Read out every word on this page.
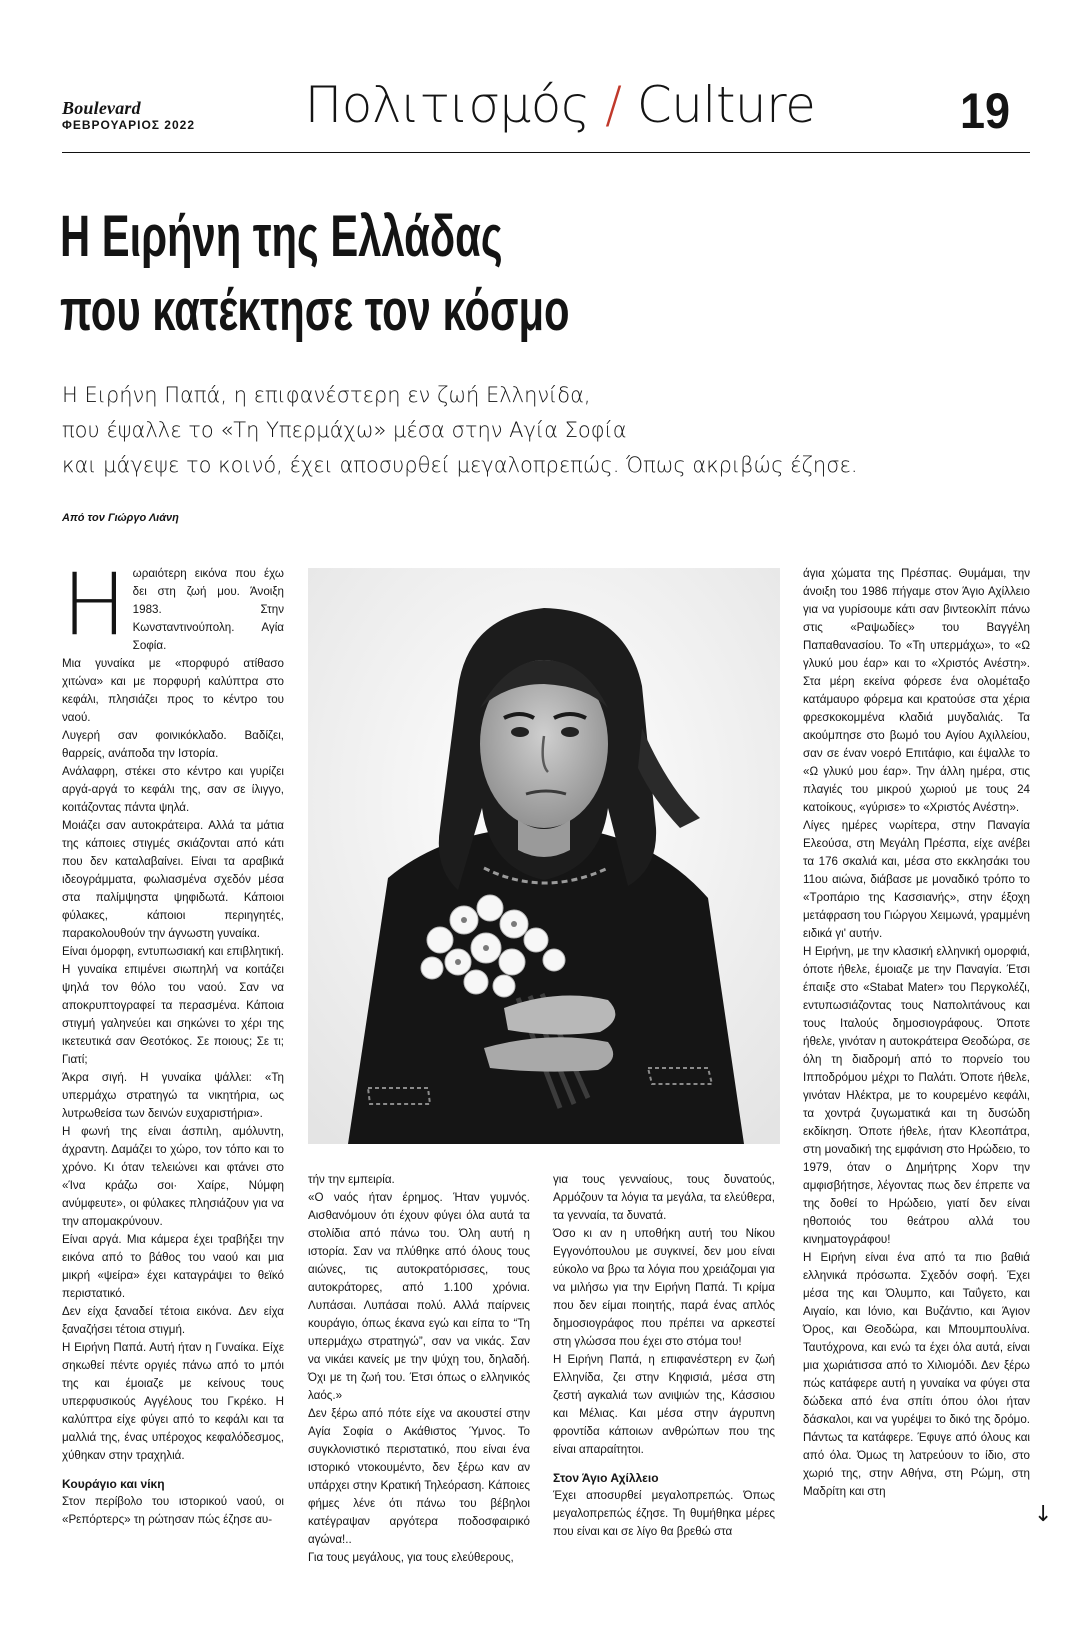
Boulevard
ΦΕΒΡΟΥΑΡΙΟΣ 2022 Πολιτισμός / Culture	19
Η Ειρήνη της Ελλάδας
που κατέκτησε τον κόσμο
Η Ειρήνη Παπά, η επιφανέστερη εν ζωή Ελληνίδα,
που έψαλλε το «Τη Υπερμάχω» μέσα στην Αγία Σοφία
και μάγεψε το κοινό, έχει αποσυρθεί μεγαλοπρεπώς. Όπως ακριβώς έζησε.
Από τον Γιώργο Λιάνη
Η ωραιότερη εικόνα που έχω δει στη ζωή μου. Άνοιξη 1983. Στην Κωνσταντινούπολη. Αγία Σοφία.

Μια γυναίκα με «πορφυρό ατίθασο χιτώνα» και με πορφυρή καλύπτρα στο κεφάλι, πλησιάζει προς το κέντρο του ναού.

Λυγερή σαν φοινικόκλαδο. Βαδίζει, θαρρείς, ανάποδα την Ιστορία.

Ανάλαφρη, στέκει στο κέντρο και γυρίζει αργά-αργά το κεφάλι της, σαν σε ίλιγγο, κοιτάζοντας πάντα ψηλά.

Μοιάζει σαν αυτοκράτειρα. Αλλά τα μάτια της κάποιες στιγμές σκιάζονται από κάτι που δεν καταλαβαίνει. Είναι τα αραβικά ιδεογράμματα, φωλιασμένα σχεδόν μέσα στα παλίμψηστα ψηφιδωτά. Κάποιοι φύλακες, κάποιοι περιηγητές, παρακολουθούν την άγνωστη γυναίκα.

Είναι όμορφη, εντυπωσιακή και επιβλητική. Η γυναίκα επιμένει σιωπηλή να κοιτάζει ψηλά τον θόλο του ναού. Σαν να αποκρυπτογραφεί τα περασμένα. Κάποια στιγμή γαληνεύει και σηκώνει το χέρι της ικετευτικά σαν Θεοτόκος. Σε ποιους; Σε τι; Γιατί;

Άκρα σιγή. Η γυναίκα ψάλλει: «Τη υπερμάχω στρατηγώ τα νικητήρια, ως λυτρωθείσα των δεινών ευχαριστήρια».

Η φωνή της είναι άσπιλη, αμόλυντη, άχραντη. Δαμάζει το χώρο, τον τόπο και το χρόνο. Κι όταν τελειώνει και φτάνει στο «Ίνα κράζω σοι· Χαίρε, Νύμφη ανύμφευτε», οι φύλακες πλησιάζουν για να την απομακρύνουν.

Είναι αργά. Μια κάμερα έχει τραβήξει την εικόνα από το βάθος του ναού και μια μικρή «ψείρα» έχει καταγράψει το θεϊκό περιστατικό.

Δεν είχα ξαναδεί τέτοια εικόνα. Δεν είχα ξαναζήσει τέτοια στιγμή.

Η Ειρήνη Παπά. Αυτή ήταν η Γυναίκα. Είχε σηκωθεί πέντε οργιές πάνω από το μπόι της και έμοιαζε με κείνους τους υπερφυσικούς Αγγέλους του Γκρέκο. Η καλύπτρα είχε φύγει από το κεφάλι και τα μαλλιά της, ένας υπέροχος κεφαλόδεσμος, χύθηκαν στην τραχηλιά.

Κουράγιο και νίκη

Στον περίβολο του ιστορικού ναού, οι «Ρεπόρτερς» τη ρώτησαν πώς έζησε αυ-

τήν την εμπειρία.

«Ο ναός ήταν έρημος. Ήταν γυμνός. Αισθανόμουν ότι έχουν φύγει όλα αυτά τα στολίδια από πάνω του. Όλη αυτή η ιστορία. Σαν να πλύθηκε από όλους τους αιώνες, τις αυτοκρατόρισσες, τους αυτοκράτορες, από 1.100 χρόνια. Λυπάσαι. Λυπάσαι πολύ. Αλλά παίρνεις κουράγιο, όπως έκανα εγώ και είπα το “Τη υπερμάχω στρατηγώ”, σαν να νικάς. Σαν να νικάει κανείς με την ψύχη του, δηλαδή. Όχι με τη ζωή του. Έτσι όπως ο ελληνικός λαός.»

Δεν ξέρω από πότε είχε να ακουστεί στην Αγία Σοφία ο Ακάθιστος Ύμνος. Το συγκλονιστικό περιστατικό, που είναι ένα ιστορικό ντοκουμέντο, δεν ξέρω καν αν υπάρχει στην Κρατική Τηλεόραση. Κάποιες φήμες λένε ότι πάνω του βέβηλοι κατέγραψαν αργότερα ποδοσφαιρικό αγώνα!..

Για τους μεγάλους, για τους ελεύθερους,

για τους γενναίους, τους δυνατούς, Αρμόζουν τα λόγια τα μεγάλα, τα ελεύθερα, τα γενναία, τα δυνατά.

Όσο κι αν η υποθήκη αυτή του Νίκου Εγγονόπουλου με συγκινεί, δεν μου είναι εύκολο να βρω τα λόγια που χρειάζομαι για να μιλήσω για την Ειρήνη Παπά. Τι κρίμα που δεν είμαι ποιητής, παρά ένας απλός δημοσιογράφος που πρέπει να αρκεστεί στη γλώσσα που έχει στο στόμα του!

Η Ειρήνη Παπά, η επιφανέστερη εν ζωή Ελληνίδα, ζει στην Κηφισιά, μέσα στη ζεστή αγκαλιά των ανιψιών της, Κάσσιου και Μέλιας. Και μέσα στην άγρυπνη φροντίδα κάποιων ανθρώπων που της είναι απαραίτητοι.

Στον Άγιο Αχίλλειο

Έχει αποσυρθεί μεγαλοπρεπώς. Όπως μεγαλοπρεπώς έζησε. Τη θυμήθηκα μέρες που είναι και σε λίγο θα βρεθώ στα

άγια χώματα της Πρέσπας. Θυμάμαι, την άνοιξη του 1986 πήγαμε στον Άγιο Αχίλλειο για να γυρίσουμε κάτι σαν βιντεοκλίπ πάνω στις «Ραψωδίες» του Βαγγέλη Παπαθανασίου. Το «Τη υπερμάχω», το «Ω γλυκύ μου έαρ» και το «Χριστός Ανέστη». Στα μέρη εκείνα φόρεσε ένα ολομέταξο κατάμαυρο φόρεμα και κρατούσε στα χέρια φρεσκοκομμένα κλαδιά μυγδαλιάς. Τα ακούμπησε στο βωμό του Αγίου Αχιλλείου, σαν σε έναν νοερό Επιτάφιο, και έψαλλε το «Ω γλυκύ μου έαρ». Την άλλη ημέρα, στις πλαγιές του μικρού χωριού με τους 24 κατοίκους, «γύρισε» το «Χριστός Ανέστη».

Λίγες ημέρες νωρίτερα, στην Παναγία Ελεούσα, στη Μεγάλη Πρέσπα, είχε ανέβει τα 176 σκαλιά και, μέσα στο εκκλησάκι του 11ου αιώνα, διάβασε με μοναδικό τρόπο το «Τροπάριο της Κασσιανής», στην έξοχη μετάφραση του Γιώργου Χειμωνά, γραμμένη ειδικά γι' αυτήν.

Η Ειρήνη, με την κλασική ελληνική ομορφιά, όποτε ήθελε, έμοιαζε με την Παναγία. Έτσι έπαιξε στο «Stabat Mater» του Περγκολέζι, εντυπωσιάζοντας τους Ναπολιτάνους και τους Ιταλούς δημοσιογράφους. Όποτε ήθελε, γινόταν η αυτοκράτειρα Θεοδώρα, σε όλη τη διαδρομή από το πορνείο του Ιπποδρόμου μέχρι το Παλάτι. Όποτε ήθελε, γινόταν Ηλέκτρα, με το κουρεμένο κεφάλι, τα χοντρά ζυγωματικά και τη δυσώδη εκδίκηση. Όποτε ήθελε, ήταν Κλεοπάτρα, στη μοναδική της εμφάνιση στο Ηρώδειο, το 1979, όταν ο Δημήτρης Χορν την αμφισβήτησε, λέγοντας πως δεν έπρεπε να της δοθεί το Ηρώδειο, γιατί δεν είναι ηθοποιός του θεάτρου αλλά του κινηματογράφου!

Η Ειρήνη είναι ένα από τα πιο βαθιά ελληνικά πρόσωπα. Σχεδόν σοφή. Έχει μέσα της και Όλυμπο, και Ταΰγετο, και Αιγαίο, και Ιόνιο, και Βυζάντιο, και Άγιον Όρος, και Θεοδώρα, και Μπουμπουλίνα. Ταυτόχρονα, και ενώ τα έχει όλα αυτά, είναι μια χωριάτισσα από το Χιλιομόδι. Δεν ξέρω πώς κατάφερε αυτή η γυναίκα να φύγει στα δώδεκα από ένα σπίτι όπου όλοι ήταν δάσκαλοι, και να γυρέψει το δικό της δρόμο. Πάντως τα κατάφερε. Έφυγε από όλους και από όλα. Όμως τη λατρεύουν το ίδιο, στο χωριό της, στην Αθήνα, στη Ρώμη, στη Μαδρίτη και στη

↓
